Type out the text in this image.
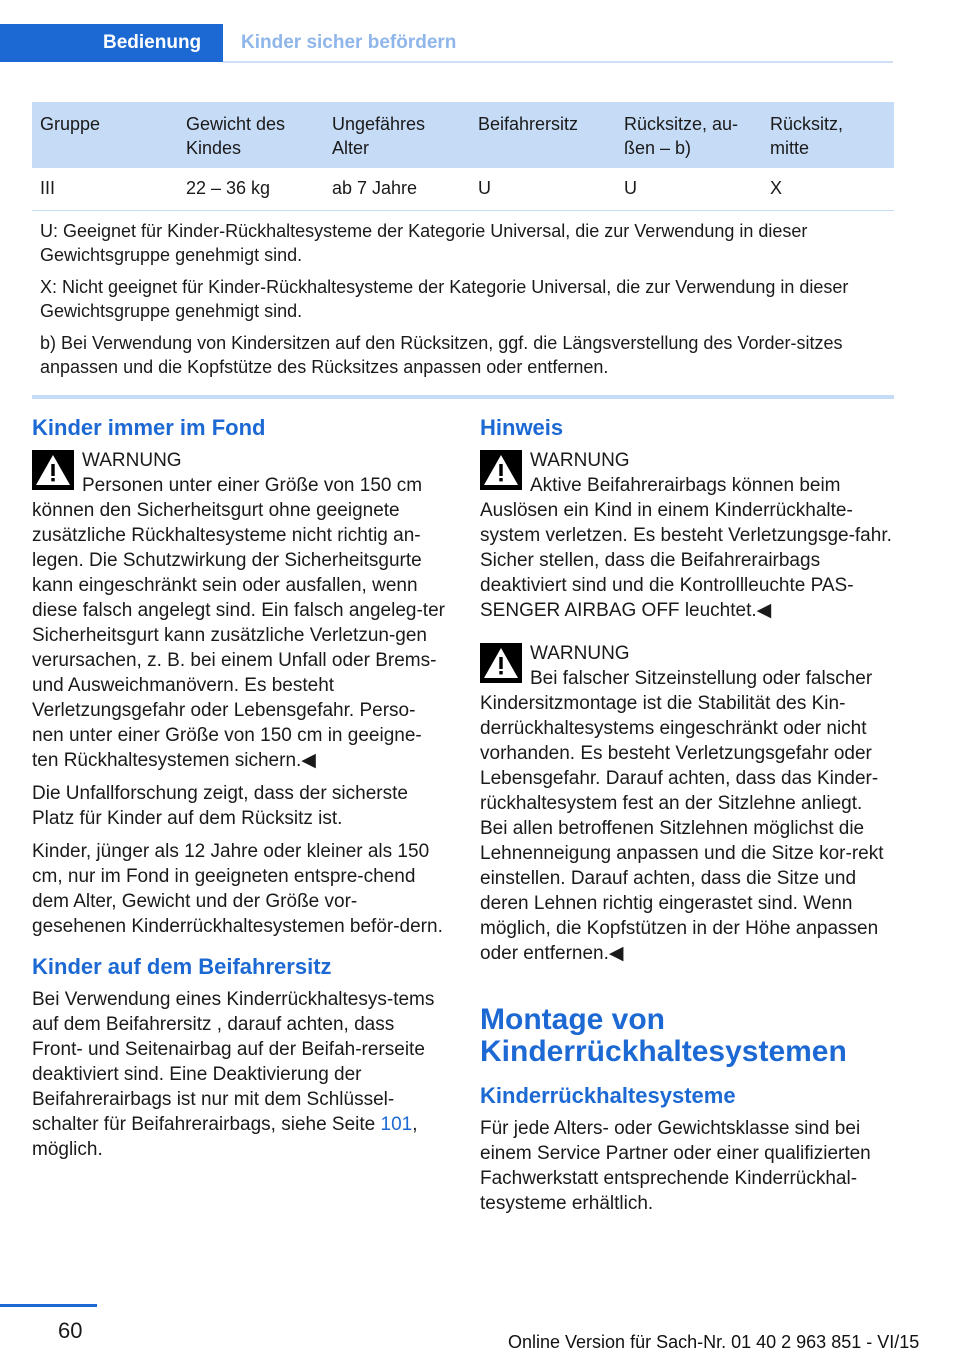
Bedienung	Kinder sicher befördern
Gruppe	Gewicht des Kindes	Ungefähres Alter	Beifahrersitz	Rücksitze, au-ßen – b)	Rücksitz, mitte
III	22 – 36 kg	ab 7 Jahre	U	U	X

U: Geeignet für Kinder-Rückhaltesysteme der Kategorie Universal, die zur Verwendung in dieser Gewichtsgruppe genehmigt sind.

X: Nicht geeignet für Kinder-Rückhaltesysteme der Kategorie Universal, die zur Verwendung in dieser Gewichtsgruppe genehmigt sind.

b) Bei Verwendung von Kindersitzen auf den Rücksitzen, ggf. die Längsverstellung des Vorder-sitzes anpassen und die Kopfstütze des Rücksitzes anpassen oder entfernen.					

Kinder immer im Fond
WARNUNG

Personen unter einer Größe von 150 cm können den Sicherheitsgurt ohne geeignete zusätzliche Rückhaltesysteme nicht richtig an-legen. Die Schutzwirkung der Sicherheitsgurte kann eingeschränkt sein oder ausfallen, wenn diese falsch angelegt sind. Ein falsch angeleg-ter Sicherheitsgurt kann zusätzliche Verletzun-gen verursachen, z. B. bei einem Unfall oder Brems- und Ausweichmanövern. Es besteht Verletzungsgefahr oder Lebensgefahr. Perso-nen unter einer Größe von 150 cm in geeigne-ten Rückhaltesystemen sichern.◀

Die Unfallforschung zeigt, dass der sicherste Platz für Kinder auf dem Rücksitz ist.

Kinder, jünger als 12 Jahre oder kleiner als 150 cm, nur im Fond in geeigneten entspre-chend dem Alter, Gewicht und der Größe vor-gesehenen Kinderrückhaltesystemen beför-dern.

Kinder auf dem Beifahrersitz

Bei Verwendung eines Kinderrückhaltesys-tems auf dem Beifahrersitz , darauf achten, dass Front- und Seitenairbag auf der Beifah-rerseite deaktiviert sind. Eine Deaktivierung der Beifahrerairbags ist nur mit dem Schlüssel-schalter für Beifahrerairbags, siehe Seite 101, möglich.

Hinweis
WARNUNG

Aktive Beifahrerairbags können beim Auslösen ein Kind in einem Kinderrückhalte-system verletzen. Es besteht Verletzungsge-fahr. Sicher stellen, dass die Beifahrerairbags deaktiviert sind und die Kontrollleuchte PAS-SENGER AIRBAG OFF leuchtet.◀

WARNUNG

Bei falscher Sitzeinstellung oder falscher Kindersitzmontage ist die Stabilität des Kin-derrückhaltesystems eingeschränkt oder nicht vorhanden. Es besteht Verletzungsgefahr oder Lebensgefahr. Darauf achten, dass das Kinder-rückhaltesystem fest an der Sitzlehne anliegt. Bei allen betroffenen Sitzlehnen möglichst die Lehnenneigung anpassen und die Sitze kor-rekt einstellen. Darauf achten, dass die Sitze und deren Lehnen richtig eingerastet sind. Wenn möglich, die Kopfstützen in der Höhe anpassen oder entfernen.◀

Montage von Kinderrückhaltesystemen
Kinderrückhaltesysteme

Für jede Alters- oder Gewichtsklasse sind bei einem Service Partner oder einer qualifizierten Fachwerkstatt entsprechende Kinderrückhal-tesysteme erhältlich.

60	Online Version für Sach-Nr. 01 40 2 963 851 - VI/15
